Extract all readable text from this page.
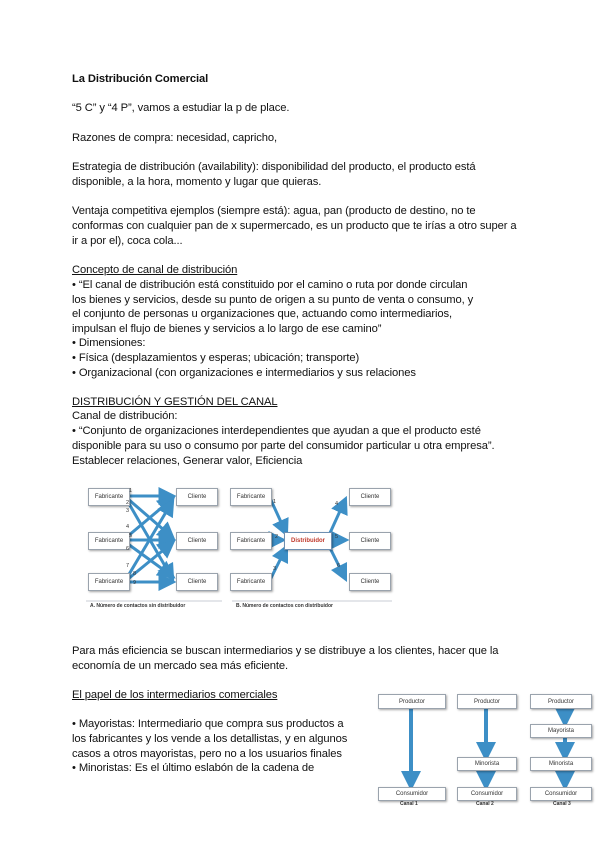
La Distribución Comercial
“5 C” y “4 P”, vamos a estudiar la p de place.
Razones de compra: necesidad, capricho,
Estrategia de distribución (availability): disponibilidad del producto, el producto está
disponible, a la hora, momento y lugar que quieras.
Ventaja competitiva ejemplos (siempre está): agua, pan (producto de destino, no te
conformas con cualquier pan de x supermercado, es un producto que te irías a otro super a
ir a por el), coca cola...
Concepto de canal de distribución
• “El canal de distribución está constituido por el camino o ruta por donde circulan
los bienes y servicios, desde su punto de origen a su punto de venta o consumo, y
el conjunto de personas u organizaciones que, actuando como intermediarios,
impulsan el flujo de bienes y servicios a lo largo de ese camino”
• Dimensiones:
• Física (desplazamientos y esperas; ubicación; transporte)
• Organizacional (con organizaciones e intermediarios y sus relaciones
DISTRIBUCIÓN Y GESTIÓN DEL CANAL
Canal de distribución:
• “Conjunto de organizaciones interdependientes que ayudan a que el producto esté
disponible para su uso o consumo por parte del consumidor particular u otra empresa”.
Establecer relaciones, Generar valor, Eficiencia
Fabricante
Fabricante
Fabricante
Cliente
Cliente
Cliente
1
2
3
4
5
6
7
8
9
Fabricante
Fabricante
Fabricante
Distribuidor
Cliente
Cliente
Cliente
1
2
3
4
5
6
A. Número de contactos sin distribuidor	B. Número de contactos con distribuidor
Para más eficiencia se buscan intermediarios y se distribuye a los clientes, hacer que la
economía de un mercado sea más eficiente.
El papel de los intermediarios comerciales
• Mayoristas: Intermediario que compra sus productos a
los fabricantes y los vende a los detallistas, y en algunos
casos a otros mayoristas, pero no a los usuarios finales
• Minoristas: Es el último eslabón de la cadena de
Productor	Productor	Productor
Mayorista
Minorista	Minorista
Consumidor	Consumidor	Consumidor
Canal 1	Canal 2	Canal 3
